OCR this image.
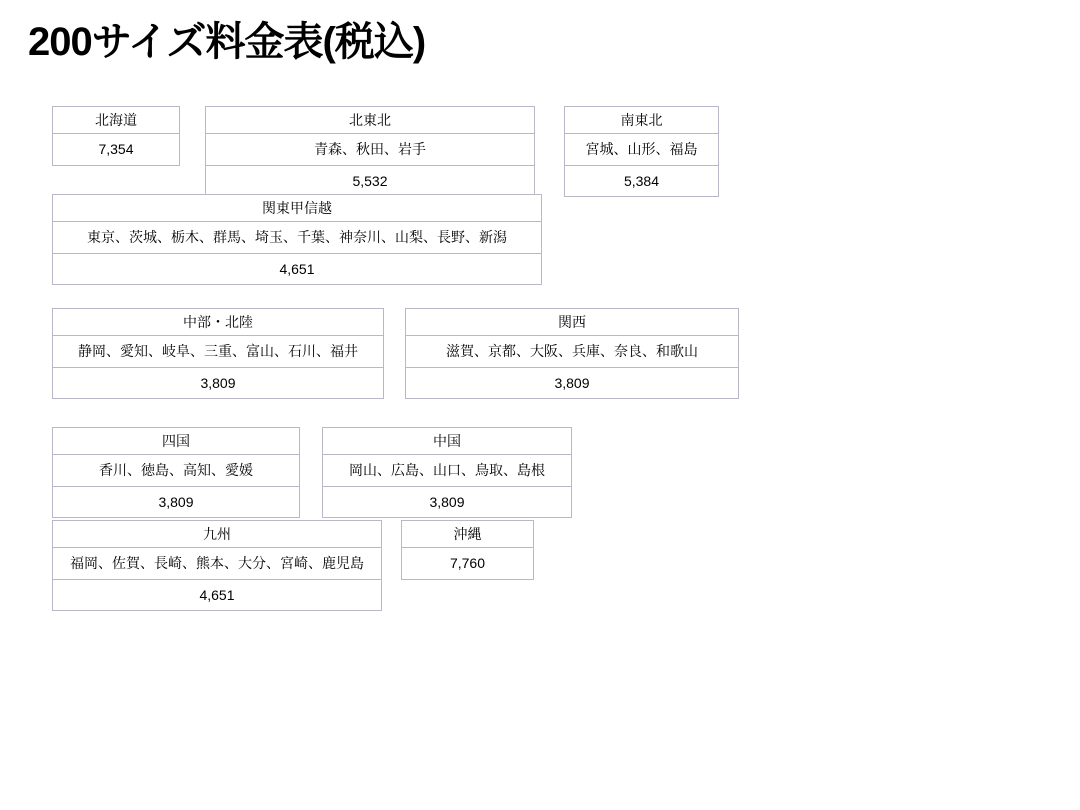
200サイズ料金表(税込)
北海道
7,354
北東北
青森、秋田、岩手
5,532
南東北
宮城、山形、福島
5,384
関東甲信越
東京、茨城、栃木、群馬、埼玉、千葉、神奈川、山梨、長野、新潟
4,651
中部・北陸
静岡、愛知、岐阜、三重、富山、石川、福井
3,809
関西
滋賀、京都、大阪、兵庫、奈良、和歌山
3,809
四国
香川、徳島、高知、愛媛
3,809
中国
岡山、広島、山口、鳥取、島根
3,809
九州
福岡、佐賀、長崎、熊本、大分、宮崎、鹿児島
4,651
沖縄
7,760
